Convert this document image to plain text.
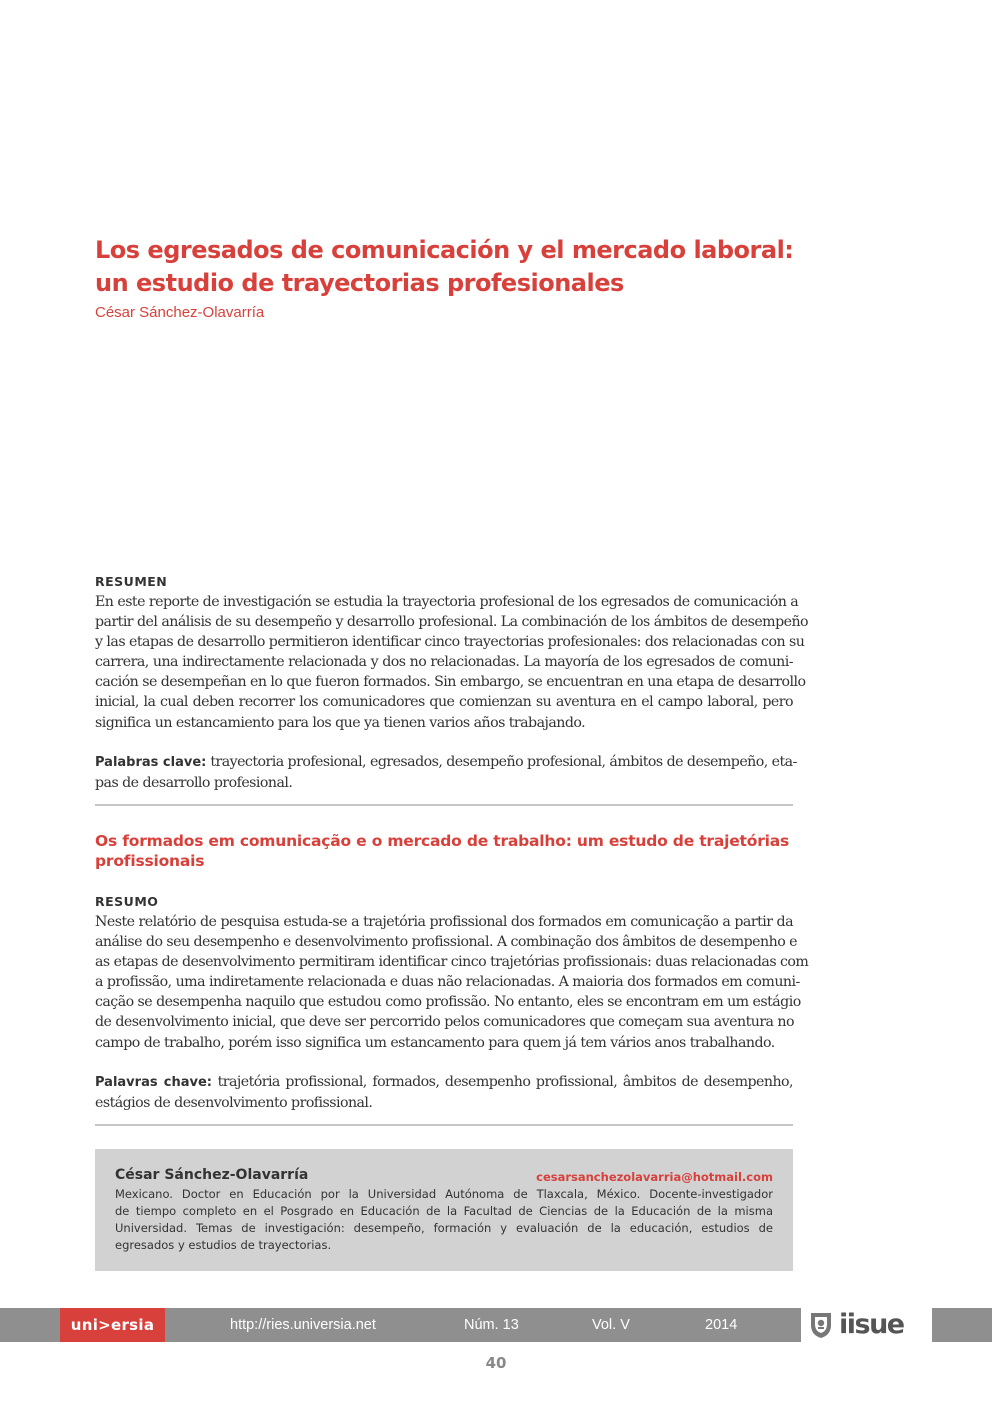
Los egresados de comunicación y el mercado laboral:
un estudio de trayectorias profesionales
César Sánchez-Olavarría
RESUMEN
En este reporte de investigación se estudia la trayectoria profesional de los egresados de comunicación a
partir del análisis de su desempeño y desarrollo profesional. La combinación de los ámbitos de desempeño
y las etapas de desarrollo permitieron identificar cinco trayectorias profesionales: dos relacionadas con su
carrera, una indirectamente relacionada y dos no relacionadas. La mayoría de los egresados de comuni-
cación se desempeñan en lo que fueron formados. Sin embargo, se encuentran en una etapa de desarrollo
inicial, la cual deben recorrer los comunicadores que comienzan su aventura en el campo laboral, pero
significa un estancamiento para los que ya tienen varios años trabajando.
Palabras clave: trayectoria profesional, egresados, desempeño profesional, ámbitos de desempeño, eta-
pas de desarrollo profesional.
Os formados em comunicação e o mercado de trabalho: um estudo de trajetórias
profissionais
RESUMO
Neste relatório de pesquisa estuda-se a trajetória profissional dos formados em comunicação a partir da
análise do seu desempenho e desenvolvimento profissional. A combinação dos âmbitos de desempenho e
as etapas de desenvolvimento permitiram identificar cinco trajetórias profissionais: duas relacionadas com
a profissão, uma indiretamente relacionada e duas não relacionadas. A maioria dos formados em comuni-
cação se desempenha naquilo que estudou como profissão. No entanto, eles se encontram em um estágio
de desenvolvimento inicial, que deve ser percorrido pelos comunicadores que começam sua aventura no
campo de trabalho, porém isso significa um estancamento para quem já tem vários anos trabalhando.
Palavras chave: trajetória profissional, formados, desempenho profissional, âmbitos de desempenho,
estágios de desenvolvimento profissional.
César Sánchez-Olavarría	cesarsanchezolavarria@hotmail.com
Mexicano. Doctor en Educación por la Universidad Autónoma de Tlaxcala, México. Docente-investigador
de tiempo completo en el Posgrado en Educación de la Facultad de Ciencias de la Educación de la misma
Universidad. Temas de investigación: desempeño, formación y evaluación de la educación, estudios de
egresados y estudios de trayectorias.
uni>ersia	http://ries.universia.net	Núm. 13	Vol. V	2014	iisue
40
